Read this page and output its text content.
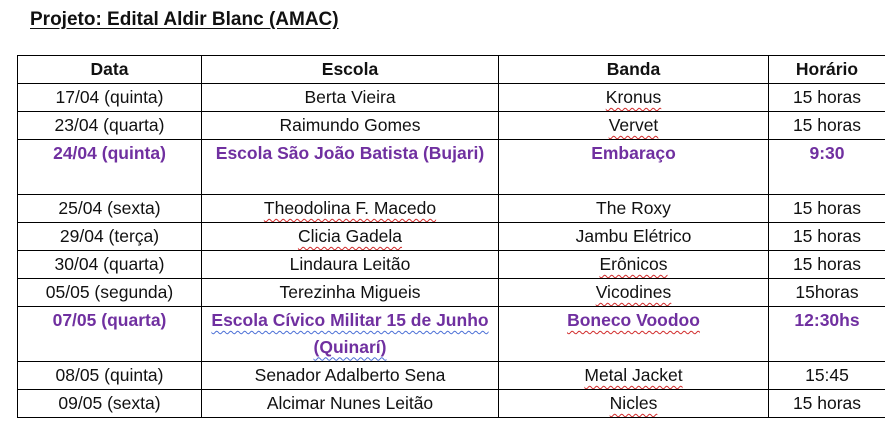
Projeto: Edital Aldir Blanc (AMAC)
Data	Escola	Banda	Horário
17/04 (quinta)	Berta Vieira	Kronus	15 horas
23/04 (quarta)	Raimundo Gomes	Vervet	15 horas
24/04 (quinta)	Escola São João Batista (Bujari)	Embaraço	9:30
25/04 (sexta)	Theodolina F. Macedo	The Roxy	15 horas
29/04 (terça)	Clicia Gadela	Jambu Elétrico	15 horas
30/04 (quarta)	Lindaura Leitão	Erônicos	15 horas
05/05 (segunda)	Terezinha Migueis	Vicodines	15horas
07/05 (quarta)	Escola Cívico Militar 15 de Junho (Quinarí)	Boneco Voodoo	12:30hs
08/05 (quinta)	Senador Adalberto Sena	Metal Jacket	15:45
09/05 (sexta)	Alcimar Nunes Leitão	Nicles	15 horas
